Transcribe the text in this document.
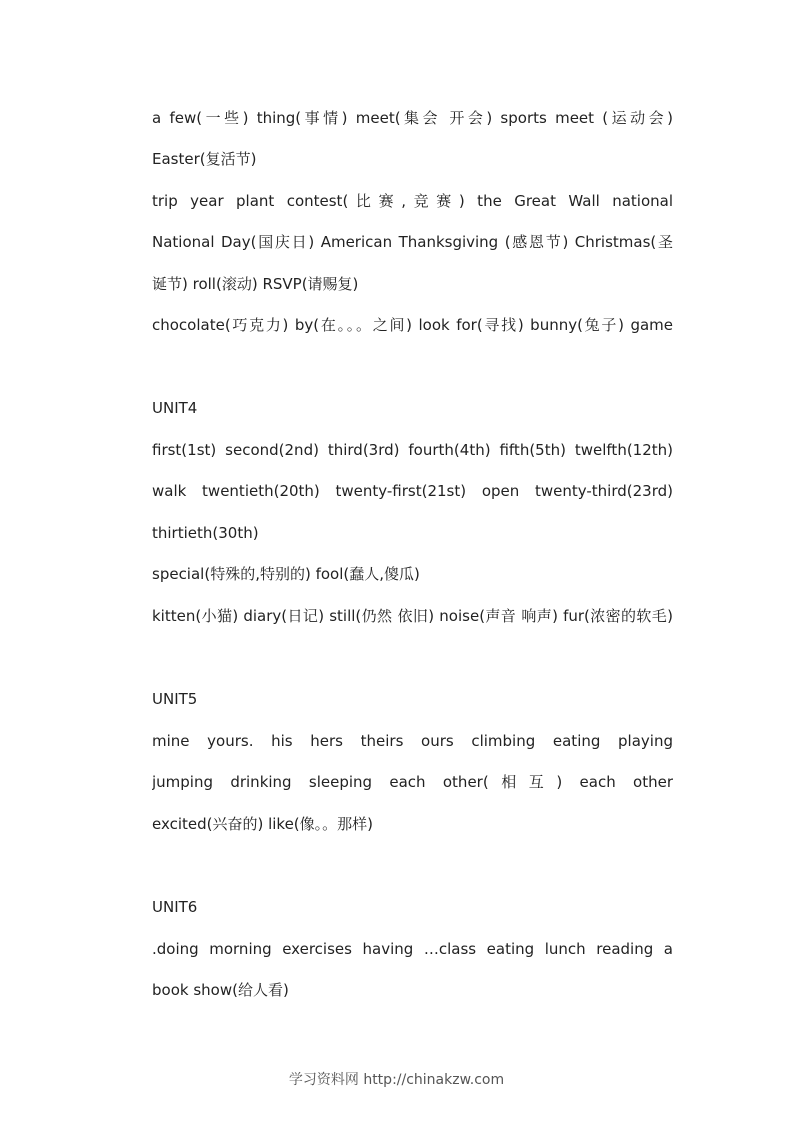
a few(一些) thing(事情) meet(集会 开会) sports meet (运动会)
Easter(复活节)
trip year plant contest(比赛,竞赛) the Great Wall national
National Day(国庆日) American Thanksgiving (感恩节) Christmas(圣
诞节) roll(滚动) RSVP(请赐复)
chocolate(巧克力) by(在。。。之间) look for(寻找) bunny(兔子) game
UNIT4
first(1st) second(2nd) third(3rd) fourth(4th) fifth(5th) twelfth(12th)
walk twentieth(20th) twenty-first(21st) open twenty-third(23rd)
thirtieth(30th)
special(特殊的,特别的) fool(蠢人,傻瓜)
kitten(小猫) diary(日记) still(仍然 依旧) noise(声音 响声) fur(浓密的软毛)
UNIT5
mine yours. his hers theirs ours climbing eating playing
jumping drinking sleeping each other(相互) each other
excited(兴奋的) like(像。。那样)
UNIT6
.doing morning exercises having …class eating lunch reading a
book show(给人看)
学习资料网 http://chinakzw.com
